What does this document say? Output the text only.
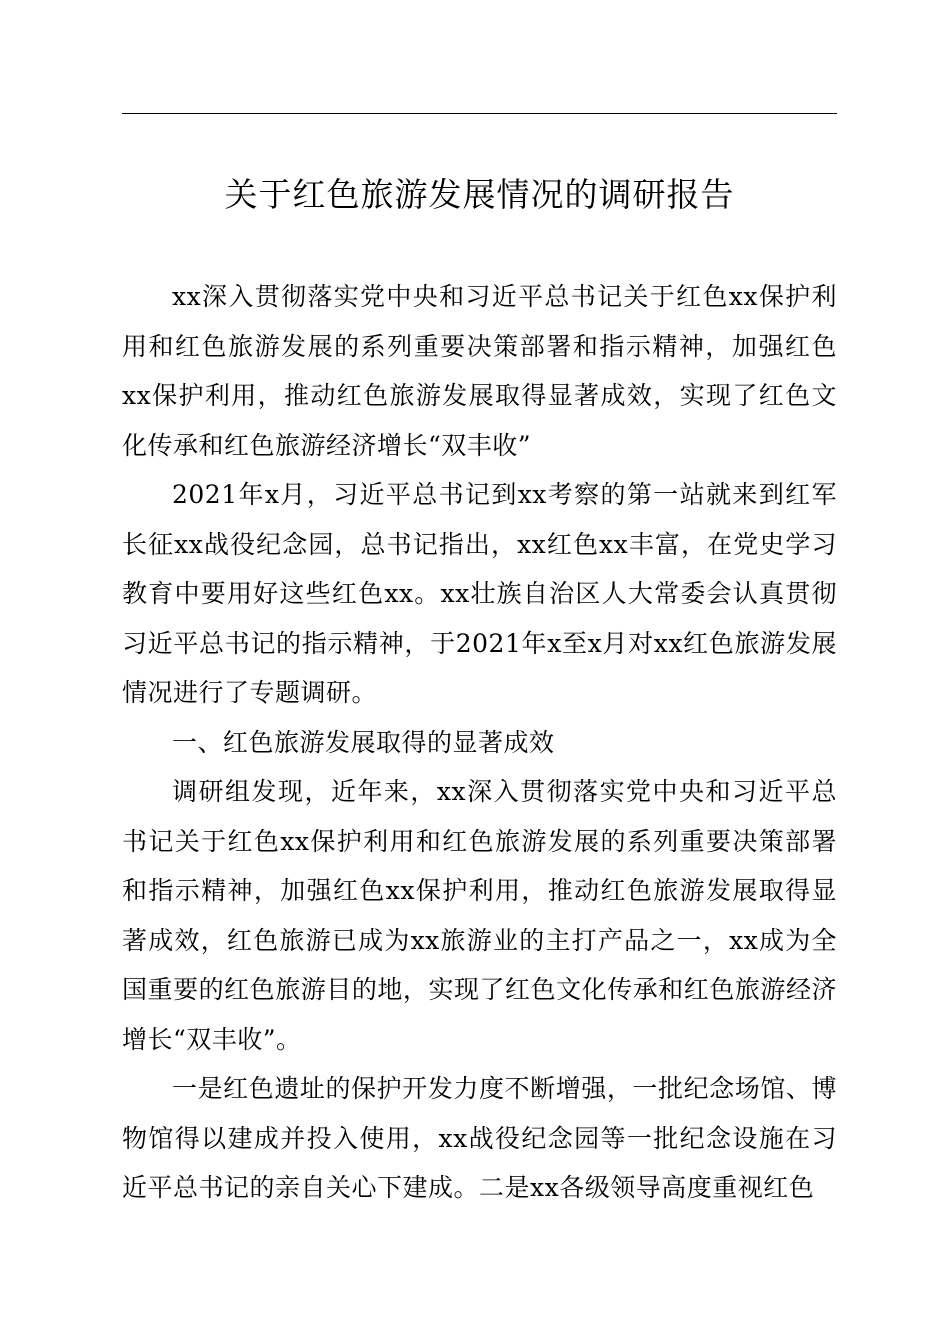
关于红色旅游发展情况的调研报告

xx深入贯彻落实党中央和习近平总书记关于红色xx保护利用和红色旅游发展的系列重要决策部署和指示精神，加强红色xx保护利用，推动红色旅游发展取得显著成效，实现了红色文化传承和红色旅游经济增长“双丰收”

2021年x月，习近平总书记到xx考察的第一站就来到红军长征xx战役纪念园，总书记指出，xx红色xx丰富，在党史学习教育中要用好这些红色xx。xx壮族自治区人大常委会认真贯彻习近平总书记的指示精神，于2021年x至x月对xx红色旅游发展情况进行了专题调研。

一、红色旅游发展取得的显著成效

调研组发现，近年来，xx深入贯彻落实党中央和习近平总书记关于红色xx保护利用和红色旅游发展的系列重要决策部署和指示精神，加强红色xx保护利用，推动红色旅游发展取得显著成效，红色旅游已成为xx旅游业的主打产品之一，xx成为全国重要的红色旅游目的地，实现了红色文化传承和红色旅游经济增长“双丰收”。

一是红色遗址的保护开发力度不断增强，一批纪念场馆、博物馆得以建成并投入使用，xx战役纪念园等一批纪念设施在习近平总书记的亲自关心下建成。二是xx各级领导高度重视红色
